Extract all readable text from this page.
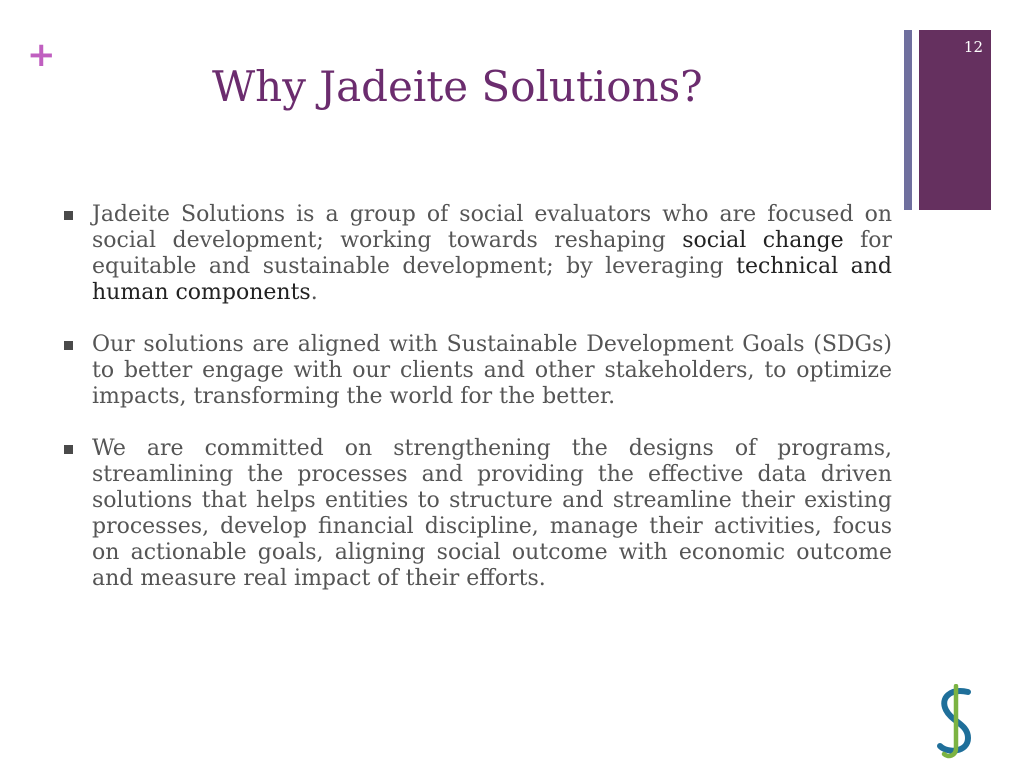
+
Why Jadeite Solutions?
12
Jadeite Solutions is a group of social evaluators who are focused on social development; working towards reshaping social change for equitable and sustainable development; by leveraging technical and human components.
Our solutions are aligned with Sustainable Development Goals (SDGs) to better engage with our clients and other stakeholders, to optimize impacts, transforming the world for the better.
We are committed on strengthening the designs of programs, streamlining the processes and providing the effective data driven solutions that helps entities to structure and streamline their existing processes, develop financial discipline, manage their activities, focus on actionable goals, aligning social outcome with economic outcome and measure real impact of their efforts.
